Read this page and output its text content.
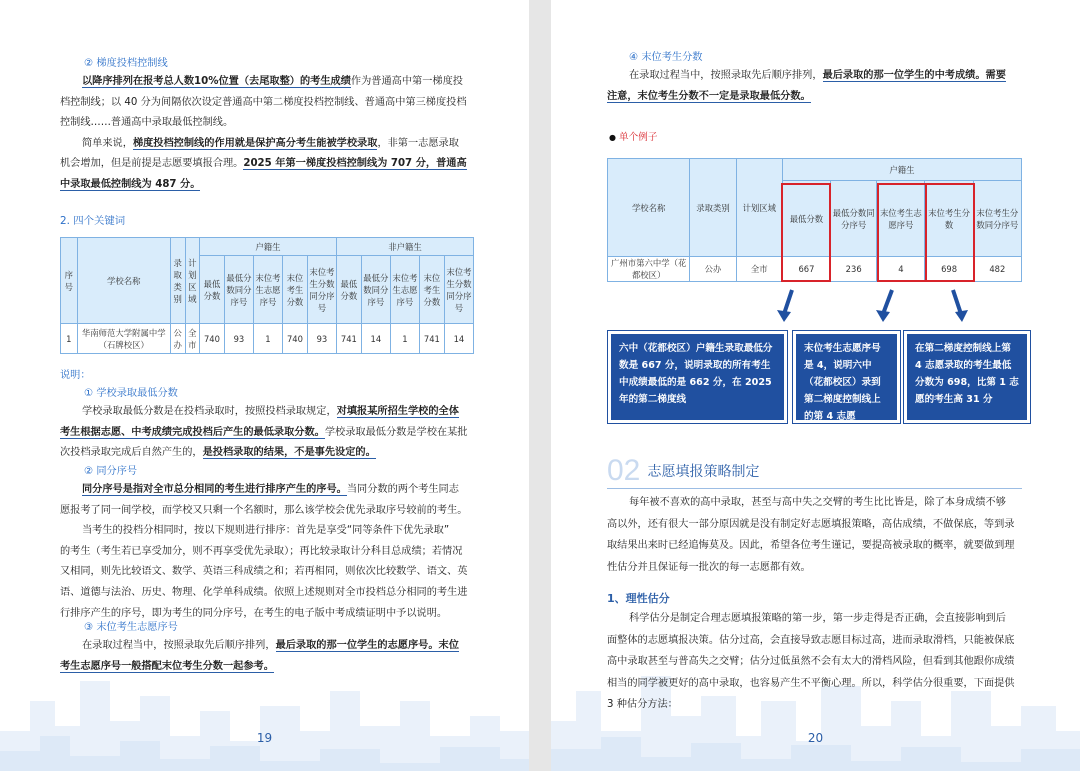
② 梯度投档控制线
以降序排列在报考总人数10%位置（去尾取整）的考生成绩作为普通高中第一梯度投
档控制线；以 40 分为间隔依次设定普通高中第二梯度投档控制线、普通高中第三梯度投档
控制线……普通高中录取最低控制线。
简单来说，梯度投档控制线的作用就是保护高分考生能被学校录取，非第一志愿录取
机会增加，但是前提是志愿要填报合理。2025 年第一梯度投档控制线为 707 分，普通高
中录取最低控制线为 487 分。
2. 四个关键词
序号	学校名称	录取类别	计划区域	户籍生					非户籍生				
				最低分数	最低分数同分序号	末位考生志愿序号	末位考生分数	末位考生分数同分序号	最低分数	最低分数同分序号	末位考生志愿序号	末位考生分数	末位考生分数同分序号
1	华南师范大学附属中学（石牌校区）	公办	全市	740	93	1	740	93	741	14	1	741	14
说明：
① 学校录取最低分数
学校录取最低分数是在投档录取时，按照投档录取规定，对填报某所招生学校的全体
考生根据志愿、中考成绩完成投档后产生的最低录取分数。学校录取最低分数是学校在某批
次投档录取完成后自然产生的，是投档录取的结果，不是事先设定的。
② 同分序号
同分序号是指对全市总分相同的考生进行排序产生的序号。当同分数的两个考生同志
愿报考了同一间学校，而学校又只剩一个名额时，那么该学校会优先录取序号较前的考生。
当考生的投档分相同时，按以下规则进行排序：首先是享受“同等条件下优先录取”
的考生（考生若已享受加分，则不再享受优先录取）；再比较录取计分科目总成绩；若情况
又相同，则先比较语文、数学、英语三科成绩之和；若再相同，则依次比较数学、语文、英
语、道德与法治、历史、物理、化学单科成绩。依照上述规则对全市投档总分相同的考生进
行排序产生的序号，即为考生的同分序号，在考生的电子版中考成绩证明中予以说明。
③ 末位考生志愿序号
在录取过程当中，按照录取先后顺序排列，最后录取的那一位学生的志愿序号。末位
考生志愿序号一般搭配末位考生分数一起参考。
19
④ 末位考生分数
在录取过程当中，按照录取先后顺序排列，最后录取的那一位学生的中考成绩。需要
注意，末位考生分数不一定是录取最低分数。
● 单个例子
学校名称	录取类别	计划区域	户籍生				
			最低分数	最低分数同分序号	末位考生志愿序号	末位考生分数	末位考生分数同分序号
广州市第六中学（花都校区）	公办	全市	667	236	4	698	482
六中（花都校区）户籍生录取最低分数是 667 分，说明录取的所有考生中成绩最低的是 662 分，在 2025 年的第二梯度线
末位考生志愿序号是 4，说明六中（花都校区）录到第二梯度控制线上的第 4 志愿
在第二梯度控制线上第 4 志愿录取的考生最低分数为 698，比第 1 志愿的考生高 31 分
02 志愿填报策略制定
每年被不喜欢的高中录取，甚至与高中失之交臂的考生比比皆是，除了本身成绩不够
高以外，还有很大一部分原因就是没有制定好志愿填报策略，高估成绩，不做保底，等到录
取结果出来时已经追悔莫及。因此，希望各位考生谨记，要提高被录取的概率，就要做到理
性估分并且保证每一批次的每一志愿都有效。
1、理性估分
科学估分是制定合理志愿填报策略的第一步，第一步走得是否正确，会直接影响到后
面整体的志愿填报决策。估分过高，会直接导致志愿目标过高，进而录取滑档，只能被保底
高中录取甚至与普高失之交臂；估分过低虽然不会有太大的滑档风险，但看到其他跟你成绩
相当的同学被更好的高中录取，也容易产生不平衡心理。所以，科学估分很重要，下面提供
3 种估分方法：
20
